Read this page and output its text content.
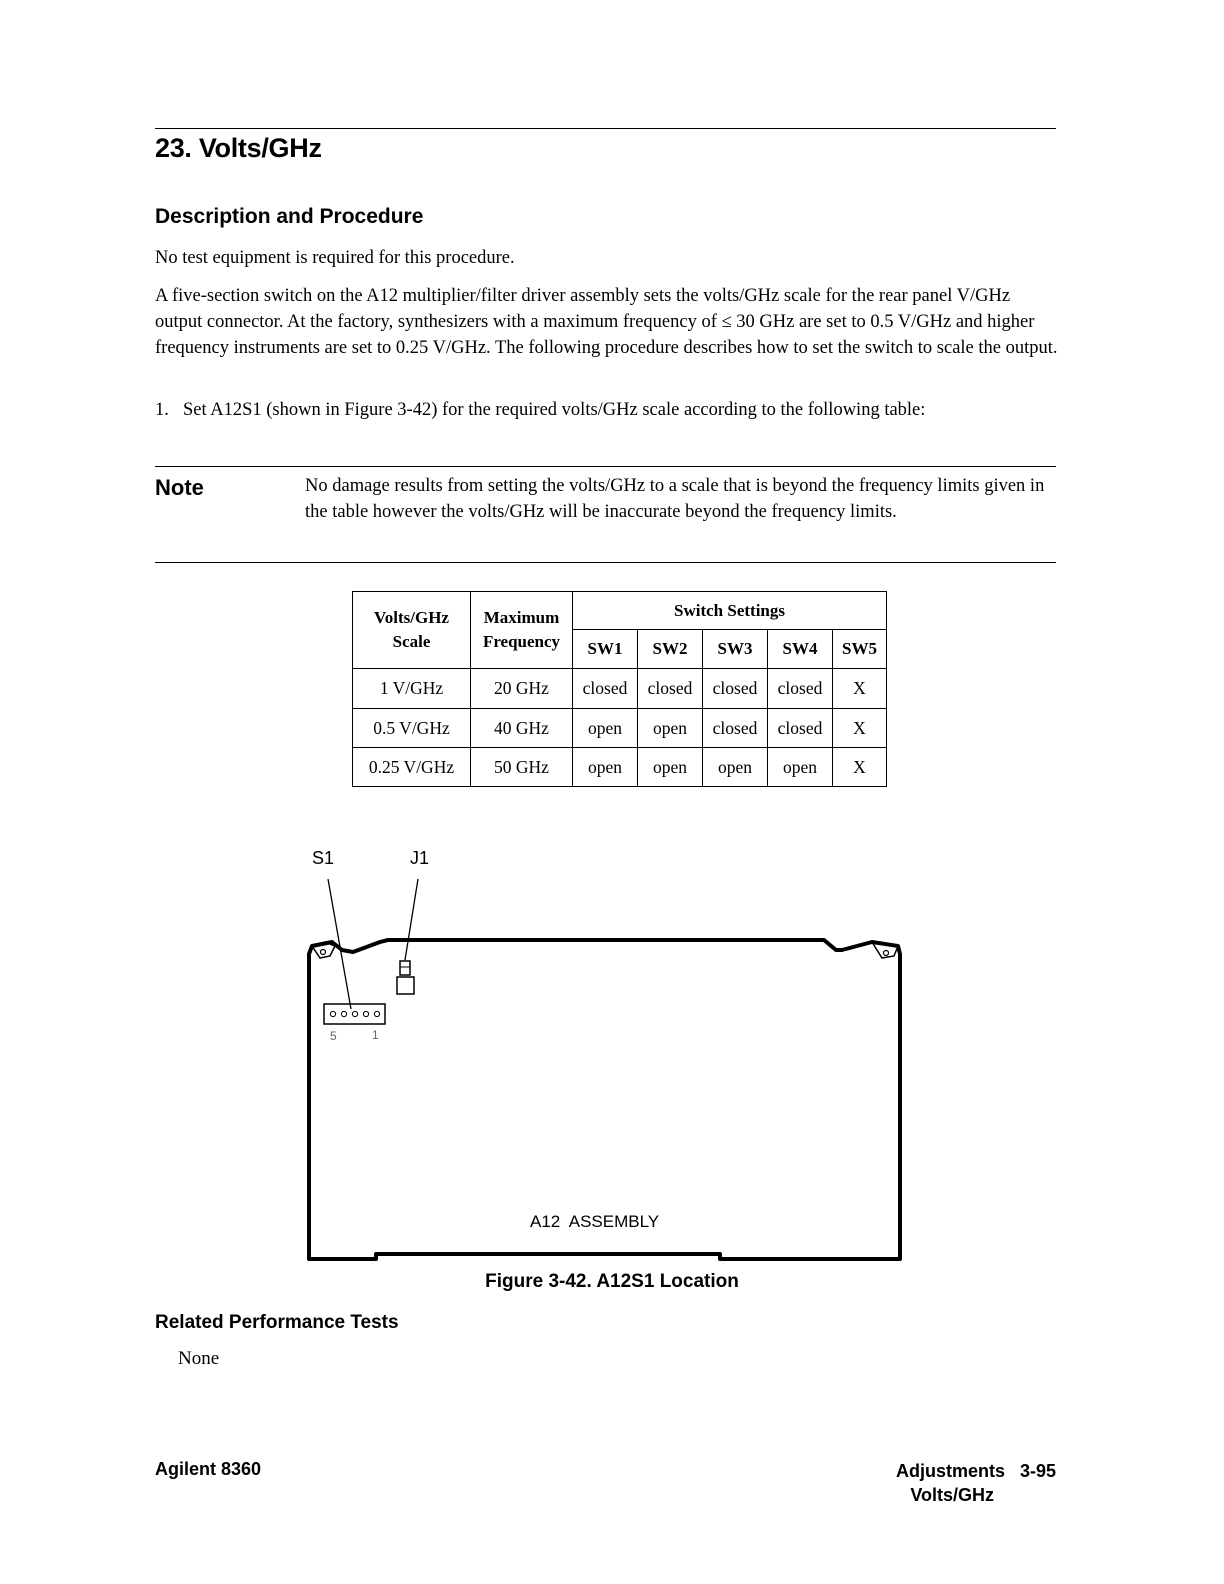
23. Volts/GHz
Description and Procedure

No test equipment is required for this procedure.

A five-section switch on the A12 multiplier/filter driver assembly sets the volts/GHz scale for the rear panel V/GHz output connector. At the factory, synthesizers with a maximum frequency of ≤ 30 GHz are set to 0.5 V/GHz and higher frequency instruments are set to 0.25 V/GHz. The following procedure describes how to set the switch to scale the output.

1. Set A12S1 (shown in Figure 3-42) for the required volts/GHz scale according to the following table:
Note	No damage results from setting the volts/GHz to a scale that is beyond the frequency limits given in the table however the volts/GHz will be inaccurate beyond the frequency limits.
Volts/GHz Scale	Maximum Frequency	Switch Settings				
		SW1	SW2	SW3	SW4	SW5
1 V/GHz	20 GHz	closed	closed	closed	closed	X
0.5 V/GHz	40 GHz	open	open	closed	closed	X
0.25 V/GHz	50 GHz	open	open	open	open	X
S1	J1
5	1
A12  ASSEMBLY
Figure 3-42. A12S1 Location
Related Performance Tests
None
Agilent 8360	Adjustments   3-95
Volts/GHz
